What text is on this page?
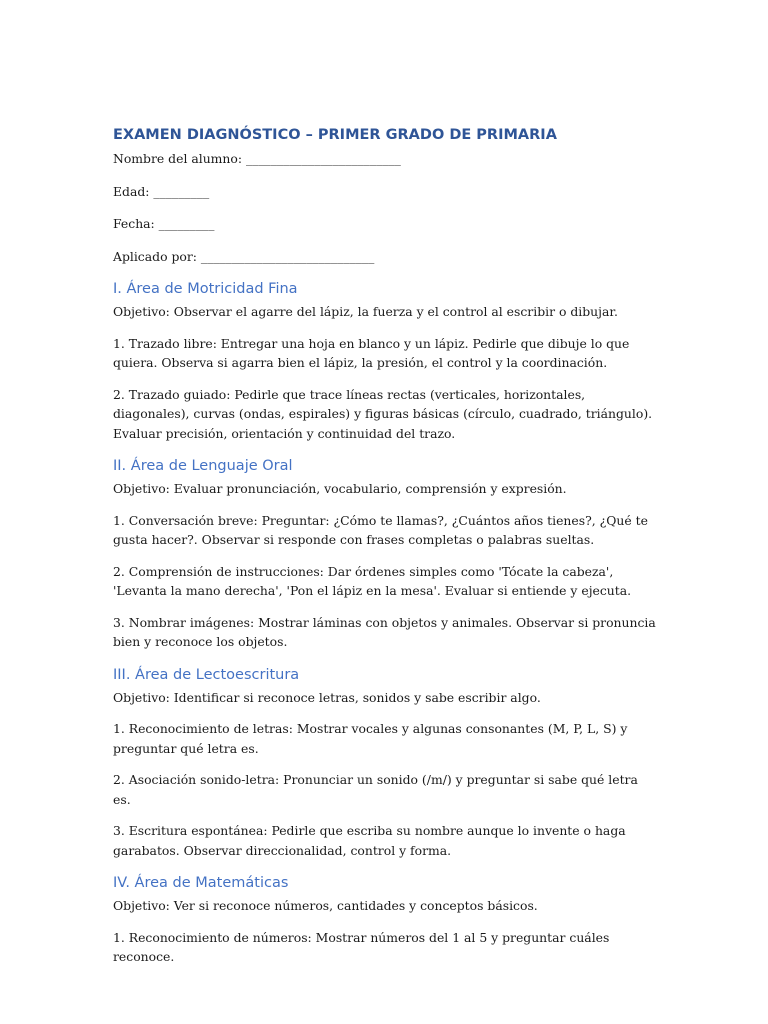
EXAMEN DIAGNÓSTICO – PRIMER GRADO DE PRIMARIA
Nombre del alumno: _________________________
Edad: _________
Fecha: _________
Aplicado por: ____________________________
I. Área de Motricidad Fina
Objetivo: Observar el agarre del lápiz, la fuerza y el control al escribir o dibujar.
1. Trazado libre: Entregar una hoja en blanco y un lápiz. Pedirle que dibuje lo que quiera. Observa si agarra bien el lápiz, la presión, el control y la coordinación.
2. Trazado guiado: Pedirle que trace líneas rectas (verticales, horizontales, diagonales), curvas (ondas, espirales) y figuras básicas (círculo, cuadrado, triángulo). Evaluar precisión, orientación y continuidad del trazo.
II. Área de Lenguaje Oral
Objetivo: Evaluar pronunciación, vocabulario, comprensión y expresión.
1. Conversación breve: Preguntar: ¿Cómo te llamas?, ¿Cuántos años tienes?, ¿Qué te gusta hacer?. Observar si responde con frases completas o palabras sueltas.
2. Comprensión de instrucciones: Dar órdenes simples como 'Tócate la cabeza', 'Levanta la mano derecha', 'Pon el lápiz en la mesa'. Evaluar si entiende y ejecuta.
3. Nombrar imágenes: Mostrar láminas con objetos y animales. Observar si pronuncia bien y reconoce los objetos.
III. Área de Lectoescritura
Objetivo: Identificar si reconoce letras, sonidos y sabe escribir algo.
1. Reconocimiento de letras: Mostrar vocales y algunas consonantes (M, P, L, S) y preguntar qué letra es.
2. Asociación sonido-letra: Pronunciar un sonido (/m/) y preguntar si sabe qué letra es.
3. Escritura espontánea: Pedirle que escriba su nombre aunque lo invente o haga garabatos. Observar direccionalidad, control y forma.
IV. Área de Matemáticas
Objetivo: Ver si reconoce números, cantidades y conceptos básicos.
1. Reconocimiento de números: Mostrar números del 1 al 5 y preguntar cuáles reconoce.
